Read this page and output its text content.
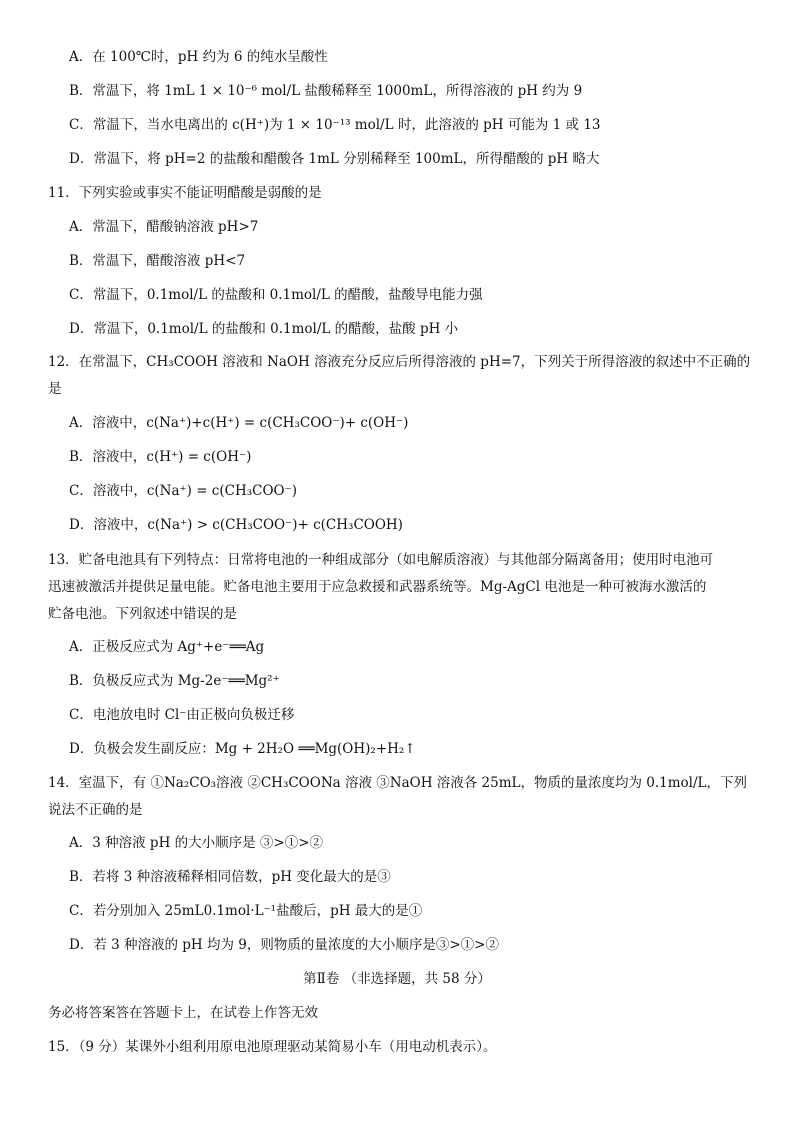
A．在 100℃时，pH 约为 6 的纯水呈酸性
B．常温下，将 1mL 1 × 10⁻⁶ mol/L 盐酸稀释至 1000mL，所得溶液的 pH 约为 9
C．常温下，当水电离出的 c(H⁺)为 1 × 10⁻¹³ mol/L 时，此溶液的 pH 可能为 1 或 13
D．常温下，将 pH=2 的盐酸和醋酸各 1mL 分别稀释至 100mL，所得醋酸的 pH 略大
11．下列实验或事实不能证明醋酸是弱酸的是
A．常温下，醋酸钠溶液 pH>7
B．常温下，醋酸溶液 pH<7
C．常温下，0.1mol/L 的盐酸和 0.1mol/L 的醋酸，盐酸导电能力强
D．常温下，0.1mol/L 的盐酸和 0.1mol/L 的醋酸，盐酸 pH 小
12．在常温下，CH₃COOH 溶液和 NaOH 溶液充分反应后所得溶液的 pH=7，下列关于所得溶液的叙述中不正确的
是
A．溶液中，c(Na⁺)+c(H⁺) = c(CH₃COO⁻)+ c(OH⁻)
B．溶液中，c(H⁺) = c(OH⁻)
C．溶液中，c(Na⁺) = c(CH₃COO⁻)
D．溶液中，c(Na⁺) > c(CH₃COO⁻)+ c(CH₃COOH)
13．贮备电池具有下列特点：日常将电池的一种组成部分（如电解质溶液）与其他部分隔离备用；使用时电池可
迅速被激活并提供足量电能。贮备电池主要用于应急救援和武器系统等。Mg-AgCl 电池是一种可被海水激活的
贮备电池。下列叙述中错误的是
A．正极反应式为 Ag⁺+e⁻══Ag
B．负极反应式为 Mg-2e⁻══Mg²⁺
C．电池放电时 Cl⁻由正极向负极迁移
D．负极会发生副反应：Mg + 2H₂O ══Mg(OH)₂+H₂↑
14．室温下，有 ①Na₂CO₃溶液 ②CH₃COONa 溶液 ③NaOH 溶液各 25mL，物质的量浓度均为 0.1mol/L，下列
说法不正确的是
A．3 种溶液 pH 的大小顺序是 ③>①>②
B．若将 3 种溶液稀释相同倍数，pH 变化最大的是③
C．若分别加入 25mL0.1mol·L⁻¹盐酸后，pH 最大的是①
D．若 3 种溶液的 pH 均为 9，则物质的量浓度的大小顺序是③>①>②
第Ⅱ卷 （非选择题，共 58 分）
务必将答案答在答题卡上，在试卷上作答无效
15．（9 分）某课外小组利用原电池原理驱动某简易小车（用电动机表示）。
